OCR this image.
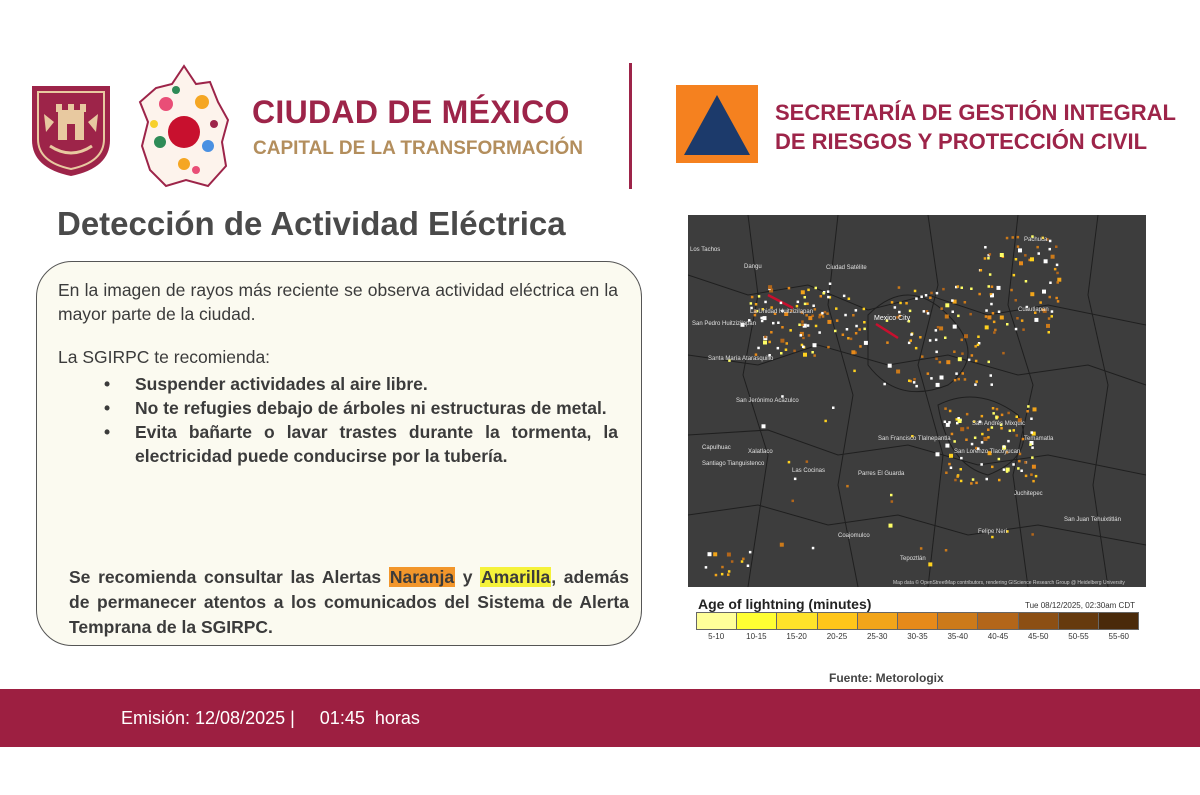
CIUDAD DE MÉXICO
CAPITAL DE LA TRANSFORMACIÓN
SECRETARÍA DE GESTIÓN INTEGRAL
DE RIESGOS Y PROTECCIÓN CIVIL
Detección de Actividad Eléctrica

En la imagen de rayos más reciente se observa actividad eléctrica en la mayor parte de la ciudad.

La SGIRPC te recomienda:

• Suspender actividades al aire libre.
• No te refugies debajo de árboles ni estructuras de metal.
• Evita bañarte o lavar trastes durante la tormenta, la electricidad puede conducirse por la tubería.

Se recomienda consultar las Alertas Naranja y Amarilla, además de permanecer atentos a los comunicados del Sistema de Alerta Temprana de la SGIRPC.

Los Tachos
Dangu	Ciudad Satélite
Pachuca
La Unidad Huitzizilapan
San Pedro Huitzizilapan
Mexico City
Cuautlapan
Santa María Atarasquillo
San Jerónimo Acazulco
Capulhuac
Xalatlaco
Santiago Tianguistenco
Las Cocinas
San Francisco Tlalnepantla
Parres El Guarda
San Andrés Mixquic
Temamatla
San Lorenzo Tlacoyucan
Juchitepec
Coajomulco
Tepoztlán
Felipe Neri
San Juan Tehuixtitlán
Map data © OpenStreetMap contributors, rendering GIScience Research Group @ Heidelberg University
Age of lightning (minutes)	Tue 08/12/2025, 02:30am CDT
5-10	10-15	15-20	20-25	25-30	30-35	35-40	40-45	45-50	50-55	55-60
Fuente: Metorologix
Emisión: 12/08/2025 |     01:45  horas
